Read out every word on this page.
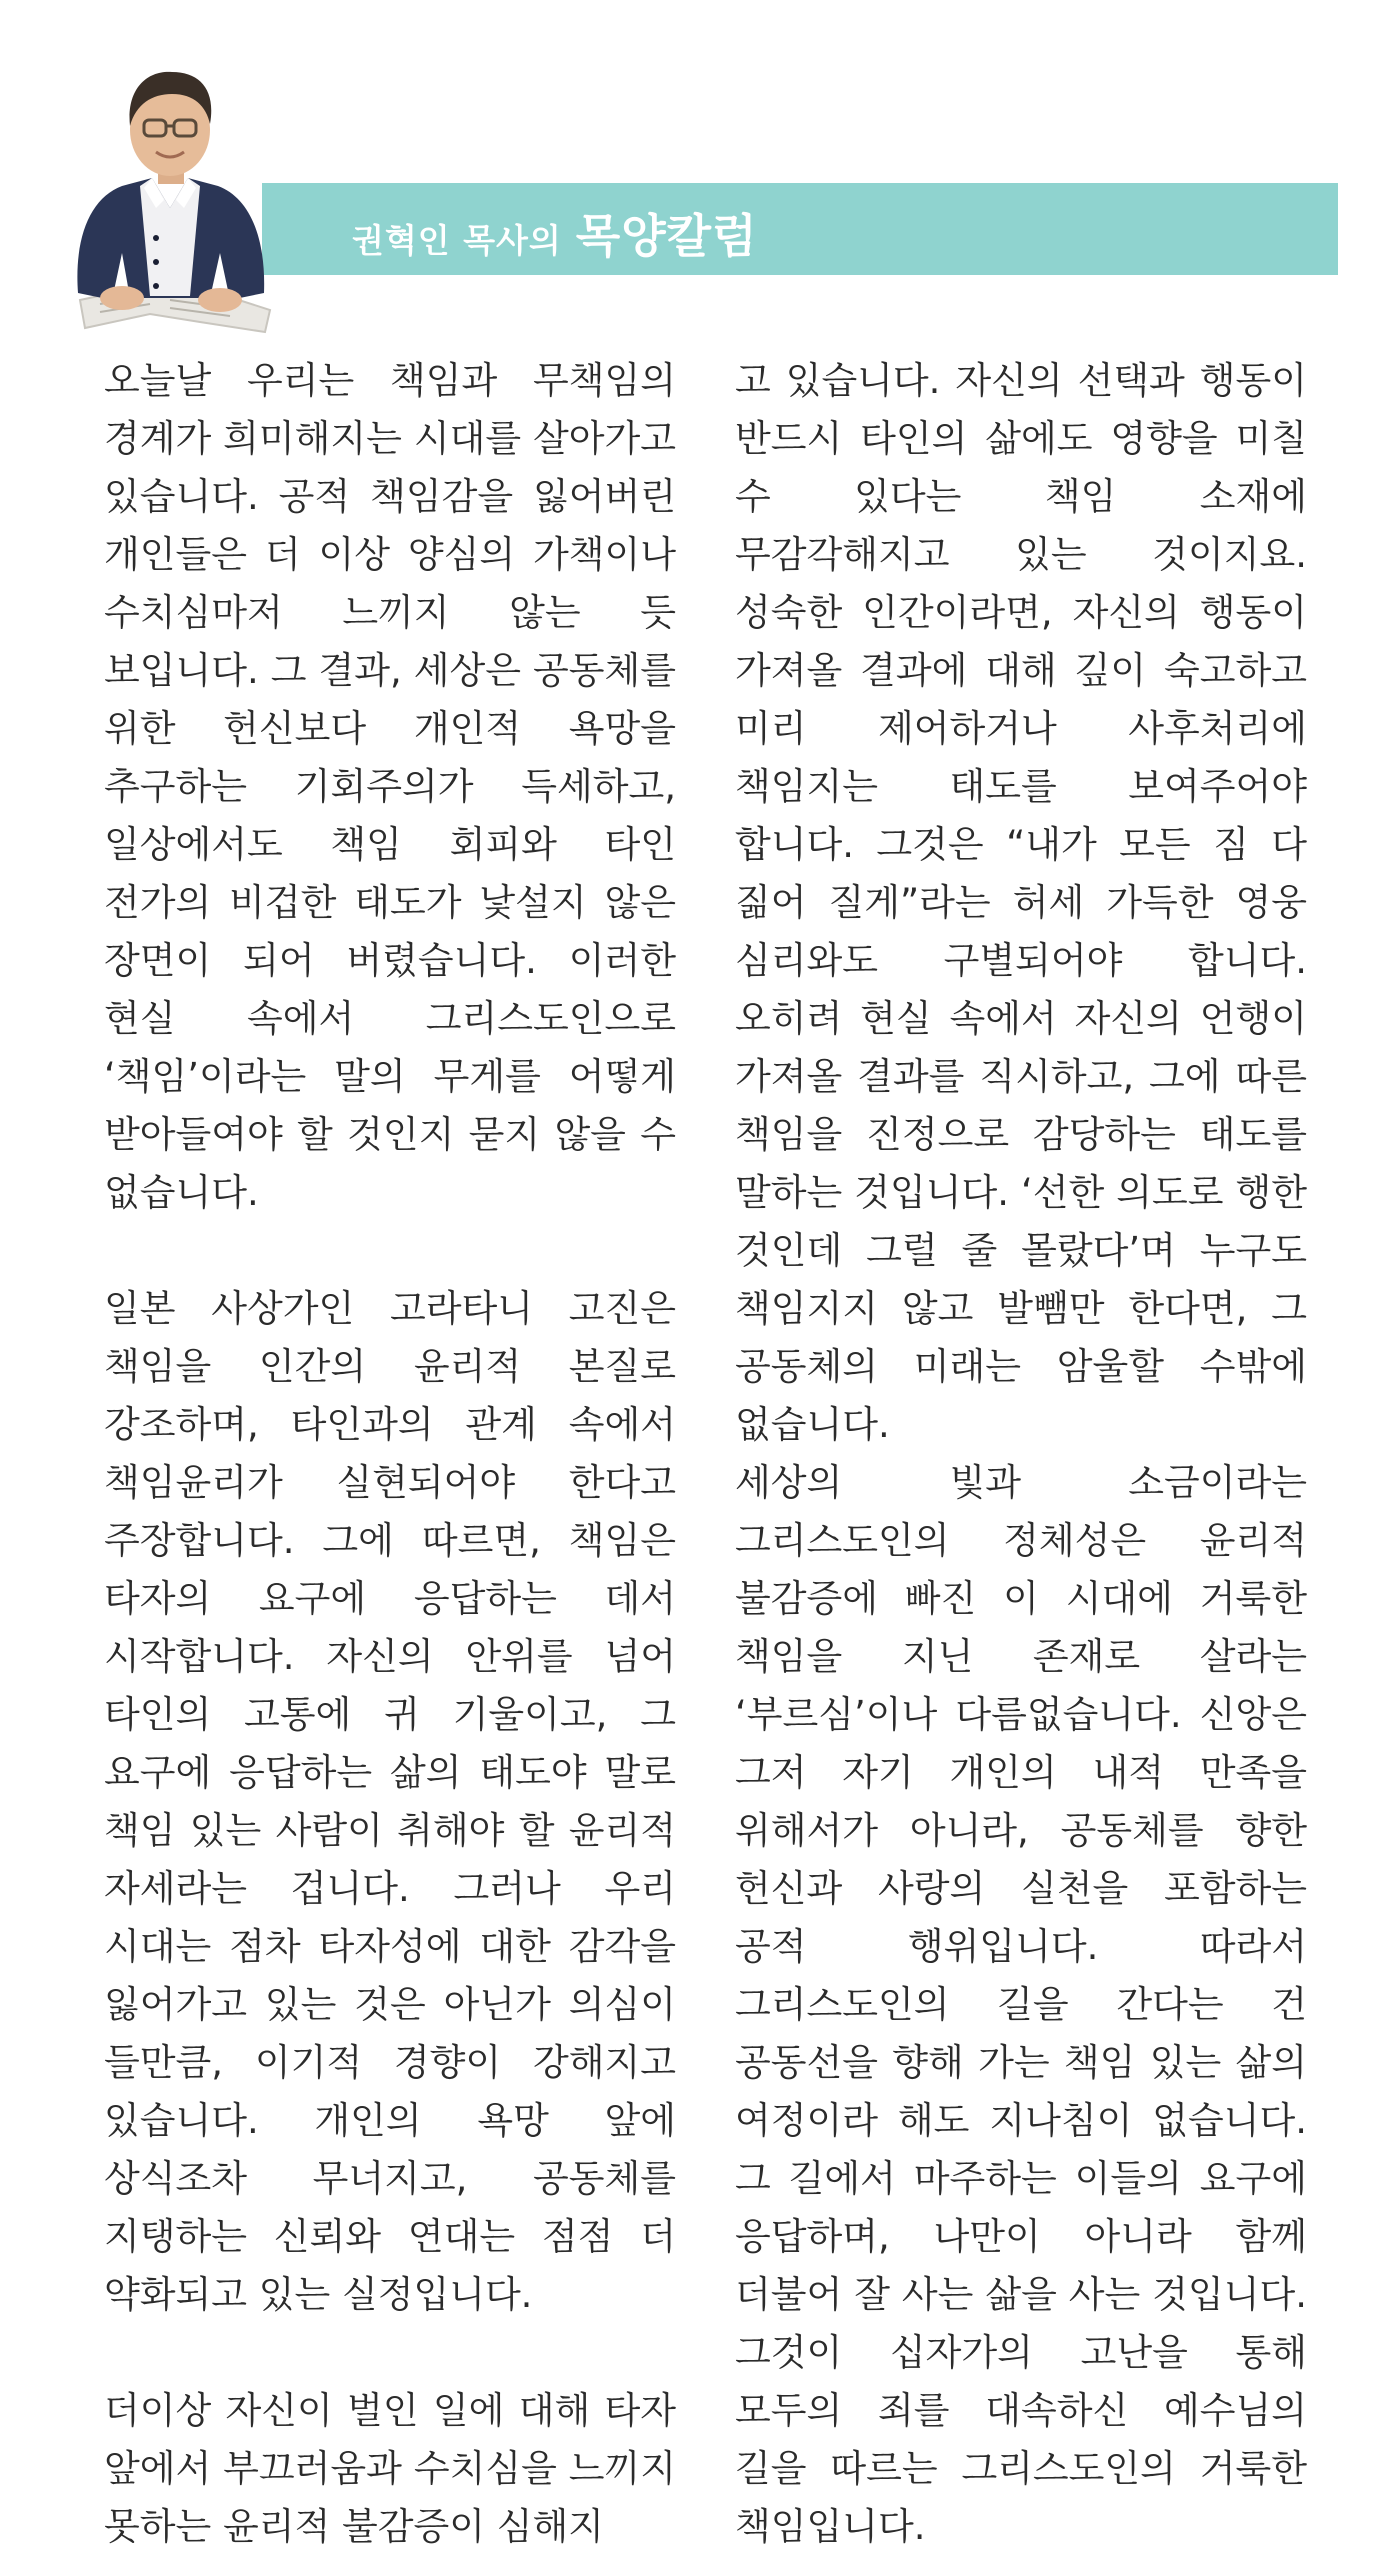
권혁인 목사의 목양칼럼

오늘날 우리는 책임과 무책임의 경계가 희미해지는 시대를 살아가고 있습니다. 공적 책임감을 잃어버린 개인들은 더 이상 양심의 가책이나 수치심마저 느끼지 않는 듯 보입니다. 그 결과, 세상은 공동체를 위한 헌신보다 개인적 욕망을 추구하는 기회주의가 득세하고, 일상에서도 책임 회피와 타인 전가의 비겁한 태도가 낯설지 않은 장면이 되어 버렸습니다. 이러한 현실 속에서 그리스도인으로 ‘책임’이라는 말의 무게를 어떻게 받아들여야 할 것인지 묻지 않을 수 없습니다.

일본 사상가인 고라타니 고진은 책임을 인간의 윤리적 본질로 강조하며, 타인과의 관계 속에서 책임윤리가 실현되어야 한다고 주장합니다. 그에 따르면, 책임은 타자의 요구에 응답하는 데서 시작합니다. 자신의 안위를 넘어 타인의 고통에 귀 기울이고, 그 요구에 응답하는 삶의 태도야 말로 책임 있는 사람이 취해야 할 윤리적 자세라는 겁니다. 그러나 우리 시대는 점차 타자성에 대한 감각을 잃어가고 있는 것은 아닌가 의심이 들만큼, 이기적 경향이 강해지고 있습니다. 개인의 욕망 앞에 상식조차 무너지고, 공동체를 지탱하는 신뢰와 연대는 점점 더 약화되고 있는 실정입니다.

더이상 자신이 벌인 일에 대해 타자 앞에서 부끄러움과 수치심을 느끼지 못하는 윤리적 불감증이 심해지

고 있습니다. 자신의 선택과 행동이 반드시 타인의 삶에도 영향을 미칠 수 있다는 책임 소재에 무감각해지고 있는 것이지요. 성숙한 인간이라면, 자신의 행동이 가져올 결과에 대해 깊이 숙고하고 미리 제어하거나 사후처리에 책임지는 태도를 보여주어야 합니다. 그것은 “내가 모든 짐 다 짊어 질게”라는 허세 가득한 영웅 심리와도 구별되어야 합니다. 오히려 현실 속에서 자신의 언행이 가져올 결과를 직시하고, 그에 따른 책임을 진정으로 감당하는 태도를 말하는 것입니다. ‘선한 의도로 행한 것인데 그럴 줄 몰랐다’며 누구도 책임지지 않고 발뺌만 한다면, 그 공동체의 미래는 암울할 수밖에 없습니다.

세상의 빛과 소금이라는 그리스도인의 정체성은 윤리적 불감증에 빠진 이 시대에 거룩한 책임을 지닌 존재로 살라는 ‘부르심’이나 다름없습니다. 신앙은 그저 자기 개인의 내적 만족을 위해서가 아니라, 공동체를 향한 헌신과 사랑의 실천을 포함하는 공적 행위입니다. 따라서 그리스도인의 길을 간다는 건 공동선을 향해 가는 책임 있는 삶의 여정이라 해도 지나침이 없습니다. 그 길에서 마주하는 이들의 요구에 응답하며, 나만이 아니라 함께 더불어 잘 사는 삶을 사는 것입니다. 그것이 십자가의 고난을 통해 모두의 죄를 대속하신 예수님의 길을 따르는 그리스도인의 거룩한 책임입니다.
